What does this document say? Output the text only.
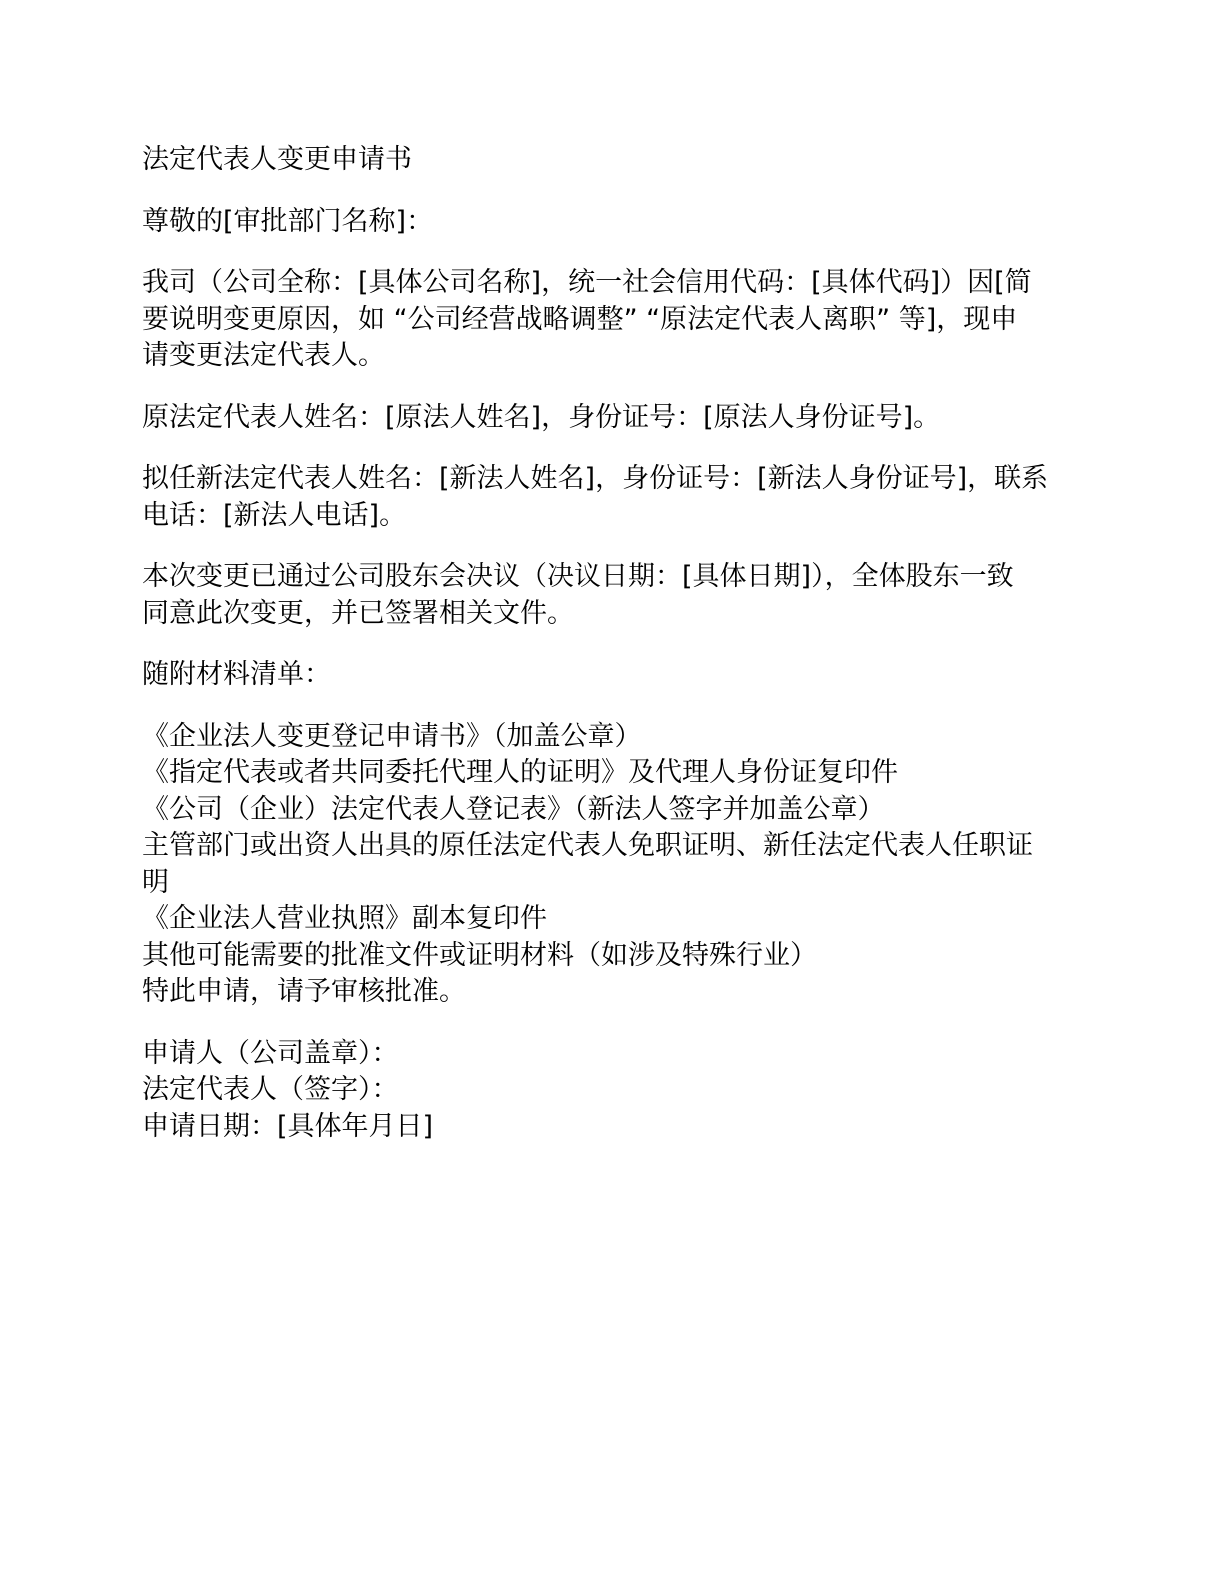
法定代表人变更申请书
尊敬的[审批部门名称]：
我司（公司全称：[具体公司名称]，统一社会信用代码：[具体代码]）因[简
要说明变更原因，如 “公司经营战略调整” “原法定代表人离职” 等]，现申
请变更法定代表人。
原法定代表人姓名：[原法人姓名]，身份证号：[原法人身份证号]。
拟任新法定代表人姓名：[新法人姓名]，身份证号：[新法人身份证号]，联系
电话：[新法人电话]。
本次变更已通过公司股东会决议（决议日期：[具体日期]），全体股东一致
同意此次变更，并已签署相关文件。
随附材料清单：
《企业法人变更登记申请书》（加盖公章）
《指定代表或者共同委托代理人的证明》及代理人身份证复印件
《公司（企业）法定代表人登记表》（新法人签字并加盖公章）
主管部门或出资人出具的原任法定代表人免职证明、新任法定代表人任职证
明
《企业法人营业执照》副本复印件
其他可能需要的批准文件或证明材料（如涉及特殊行业）
特此申请，请予审核批准。
申请人（公司盖章）：
法定代表人（签字）：
申请日期：[具体年月日]
